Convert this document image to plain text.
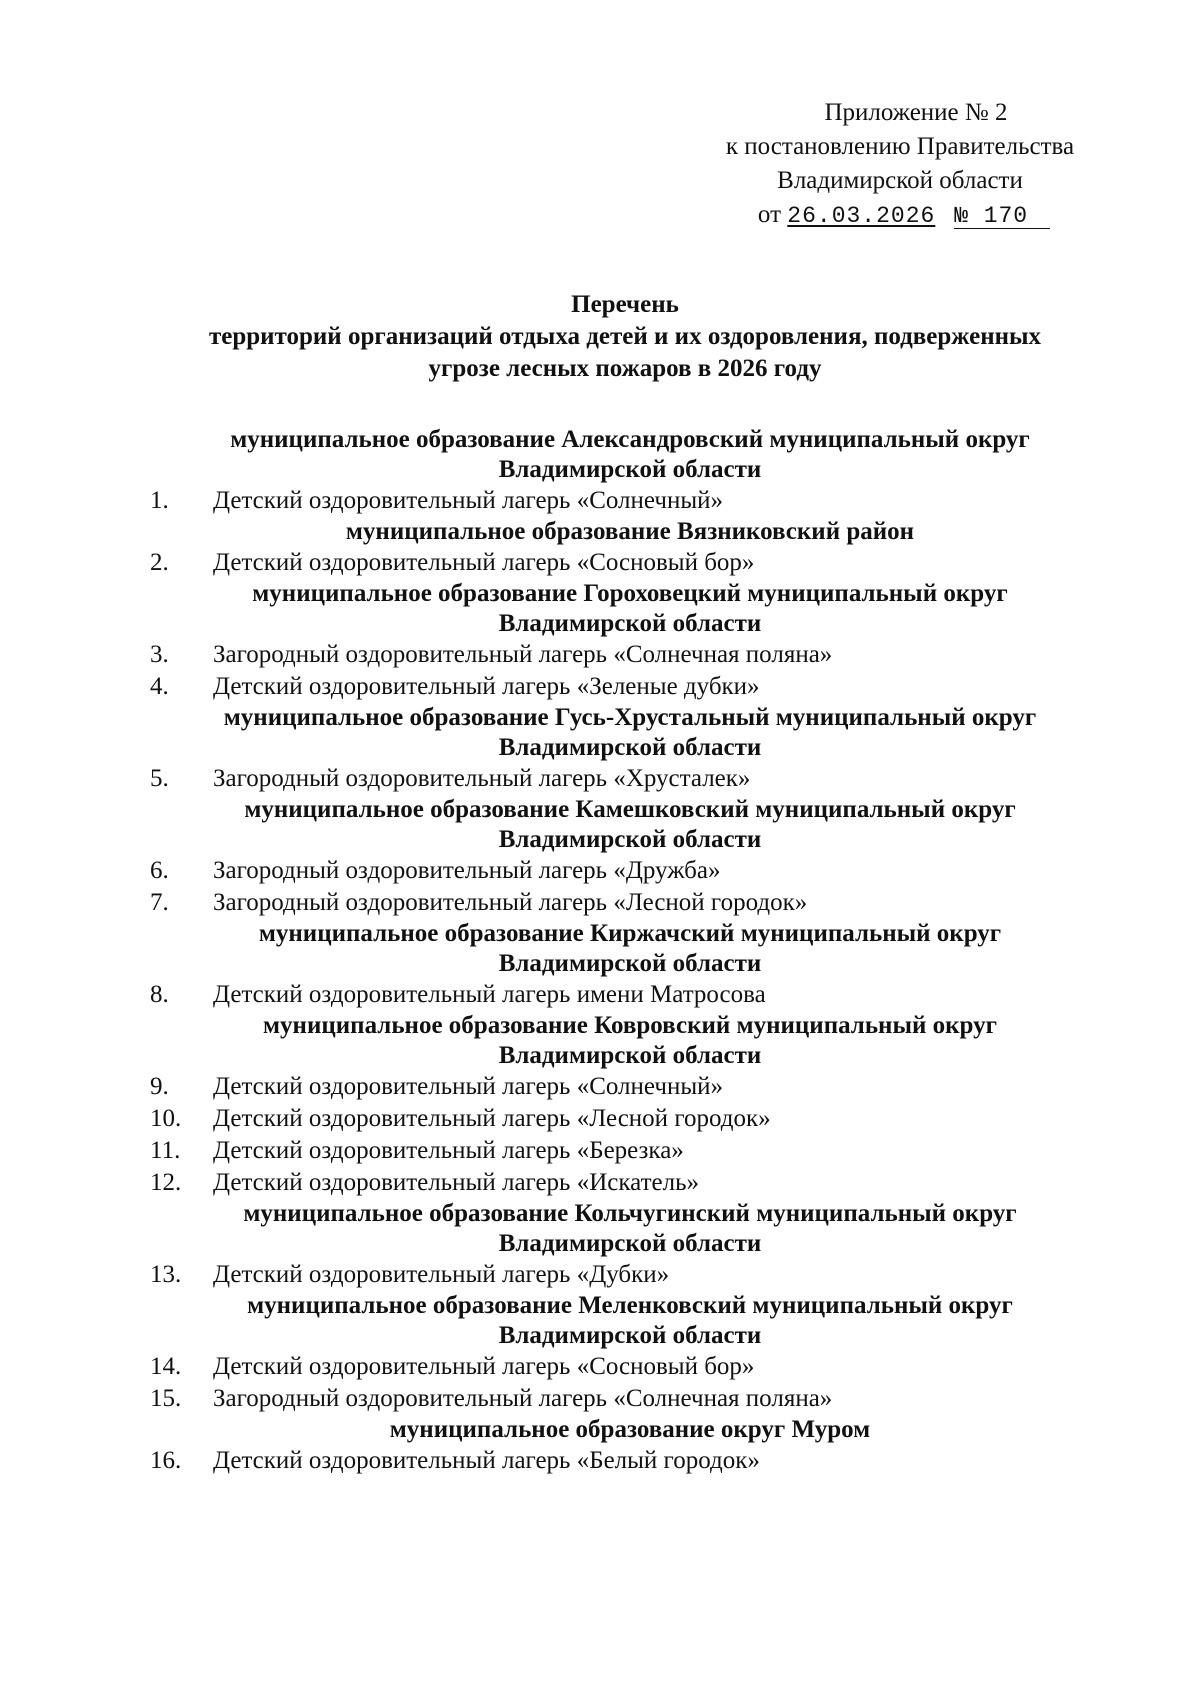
Приложение № 2
к постановлению Правительства
Владимирской области
от 26.03.2026 № 170
Перечень
территорий организаций отдыха детей и их оздоровления, подверженных
угрозе лесных пожаров в 2026 году
муниципальное образование Александровский муниципальный округ
Владимирской области
1.	Детский оздоровительный лагерь «Солнечный»
муниципальное образование Вязниковский район
2.	Детский оздоровительный лагерь «Сосновый бор»
муниципальное образование Гороховецкий муниципальный округ
Владимирской области
3.	Загородный оздоровительный лагерь «Солнечная поляна»
4.	Детский оздоровительный лагерь «Зеленые дубки»
муниципальное образование Гусь-Хрустальный муниципальный округ
Владимирской области
5.	Загородный оздоровительный лагерь «Хрусталек»
муниципальное образование Камешковский муниципальный округ
Владимирской области
6.	Загородный оздоровительный лагерь «Дружба»
7.	Загородный оздоровительный лагерь «Лесной городок»
муниципальное образование Киржачский муниципальный округ
Владимирской области
8.	Детский оздоровительный лагерь имени Матросова
муниципальное образование Ковровский муниципальный округ
Владимирской области
9.	Детский оздоровительный лагерь «Солнечный»
10.	Детский оздоровительный лагерь «Лесной городок»
11.	Детский оздоровительный лагерь «Березка»
12.	Детский оздоровительный лагерь «Искатель»
муниципальное образование Кольчугинский муниципальный округ
Владимирской области
13.	Детский оздоровительный лагерь «Дубки»
муниципальное образование Меленковский муниципальный округ
Владимирской области
14.	Детский оздоровительный лагерь «Сосновый бор»
15.	Загородный оздоровительный лагерь «Солнечная поляна»
муниципальное образование округ Муром
16.	Детский оздоровительный лагерь «Белый городок»
